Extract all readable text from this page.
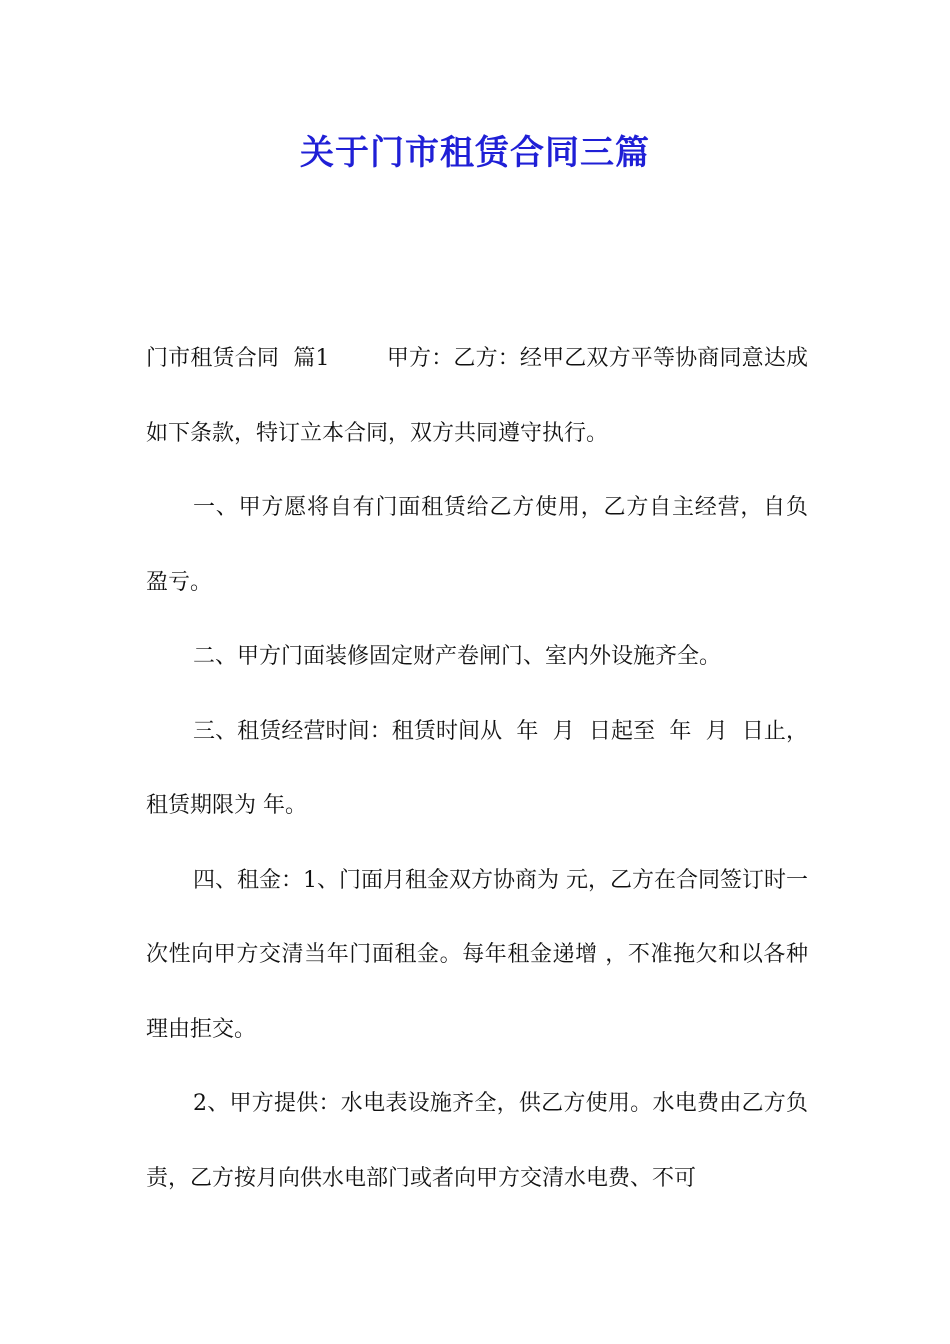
关于门市租赁合同三篇

门市租赁合同  篇1        甲方：乙方：经甲乙双方平等协商同意达成如下条款，特订立本合同，双方共同遵守执行。

一、甲方愿将自有门面租赁给乙方使用，乙方自主经营，自负盈亏。

二、甲方门面装修固定财产卷闸门、室内外设施齐全。

三、租赁经营时间：租赁时间从  年  月  日起至  年  月  日止，租赁期限为 年。

四、租金：1、门面月租金双方协商为 元，乙方在合同签订时一次性向甲方交清当年门面租金。每年租金递增 ，不准拖欠和以各种理由拒交。

2、甲方提供：水电表设施齐全，供乙方使用。水电费由乙方负责，乙方按月向供水电部门或者向甲方交清水电费、不可
